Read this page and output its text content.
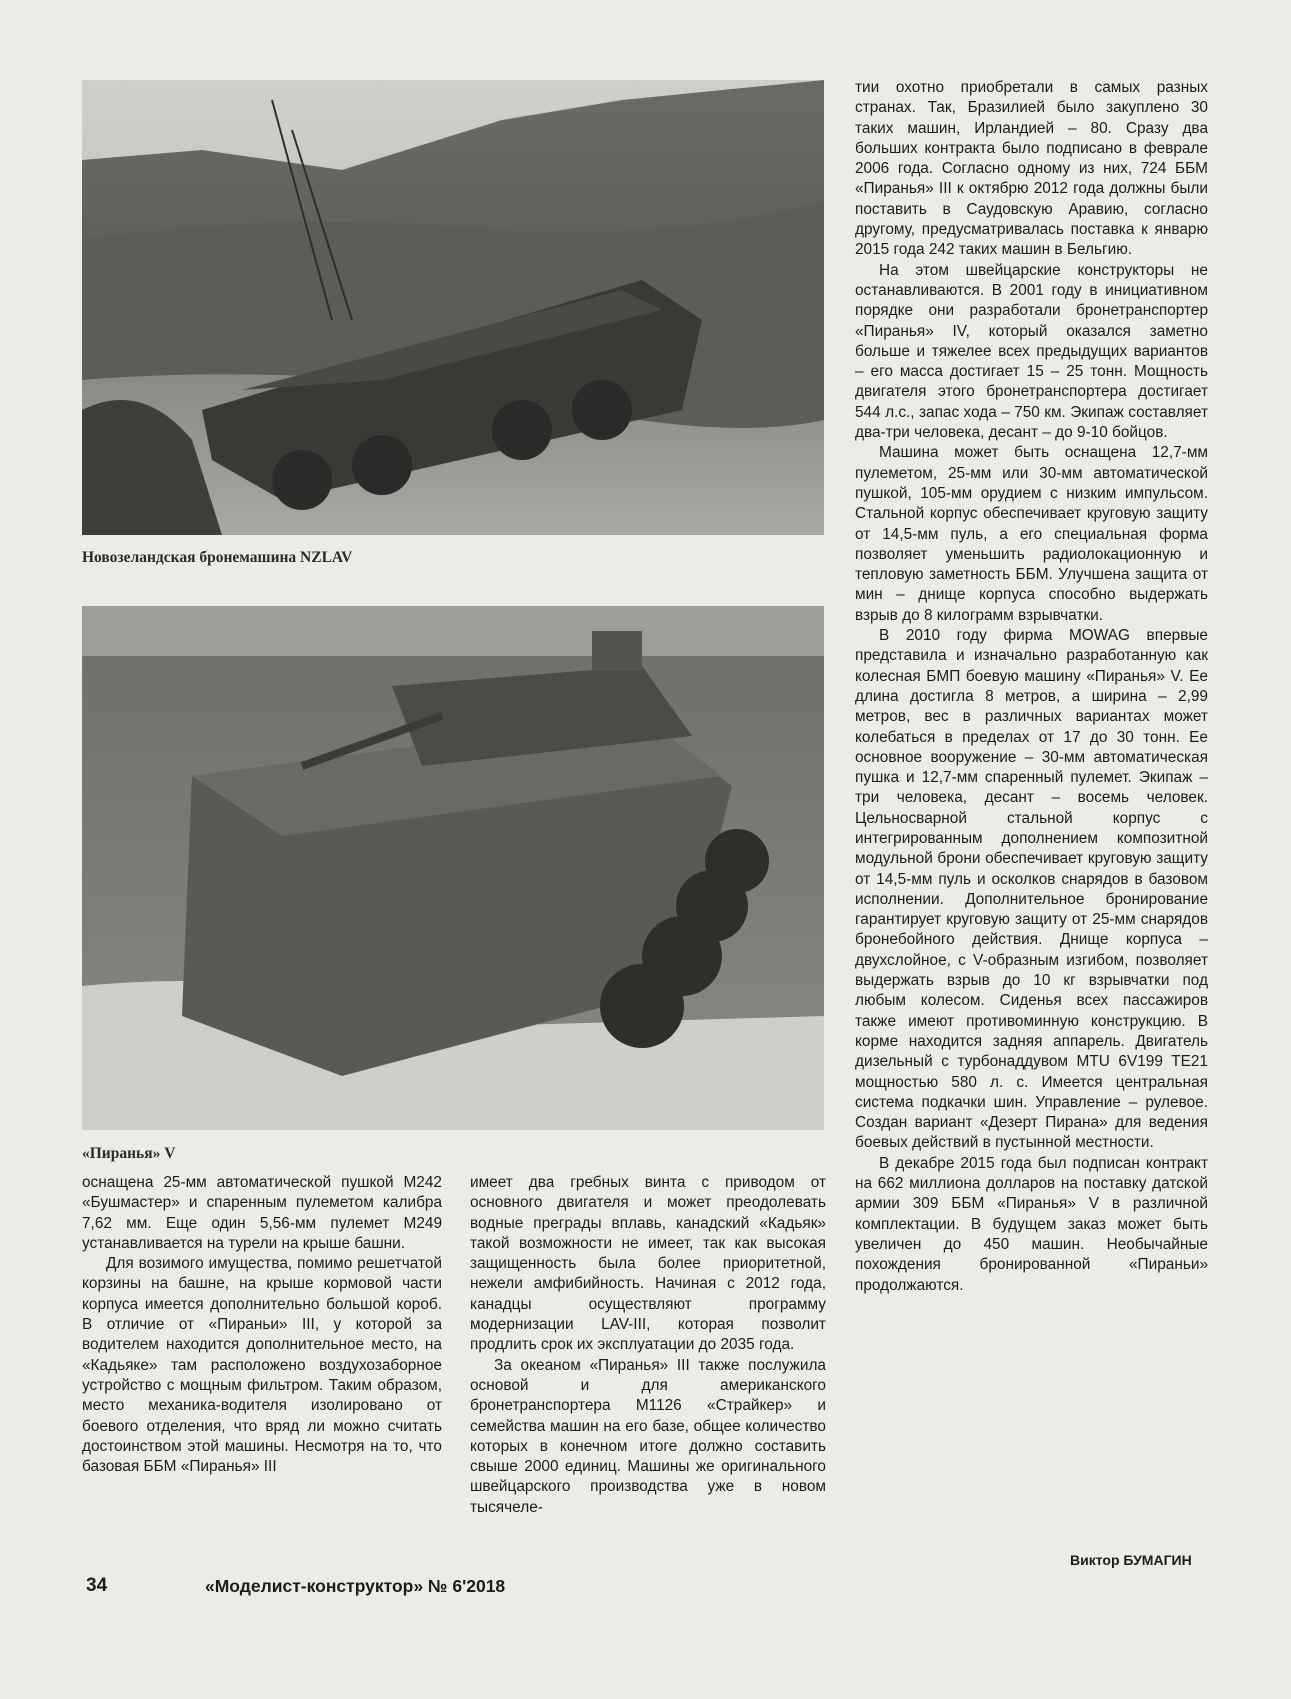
Новозеландская бронемашина NZLAV
«Пиранья» V

тии охотно приобретали в самых разных странах. Так, Бразилией было закуплено 30 таких машин, Ирландией – 80. Сразу два больших контракта было подписано в феврале 2006 года. Согласно одному из них, 724 ББМ «Пиранья» III к октябрю 2012 года должны были поставить в Саудовскую Аравию, согласно другому, предусматривалась поставка к январю 2015 года 242 таких машин в Бельгию.

На этом швейцарские конструкторы не останавливаются. В 2001 году в инициативном порядке они разработали бронетранспортер «Пиранья» IV, который оказался заметно больше и тяжелее всех предыдущих вариантов – его масса достигает 15 – 25 тонн. Мощность двигателя этого бронетранспортера достигает 544 л.с., запас хода – 750 км. Экипаж составляет два-три человека, десант – до 9-10 бойцов.

Машина может быть оснащена 12,7-мм пулеметом, 25-мм или 30-мм автоматической пушкой, 105-мм орудием с низким импульсом. Стальной корпус обеспечивает круговую защиту от 14,5-мм пуль, а его специальная форма позволяет уменьшить радиолокационную и тепловую заметность ББМ. Улучшена защита от мин – днище корпуса способно выдержать взрыв до 8 килограмм взрывчатки.

В 2010 году фирма MOWAG впервые представила и изначально разработанную как колесная БМП боевую машину «Пиранья» V. Ее длина достигла 8 метров, а ширина – 2,99 метров, вес в различных вариантах может колебаться в пределах от 17 до 30 тонн. Ее основное вооружение – 30-мм автоматическая пушка и 12,7-мм спаренный пулемет. Экипаж – три человека, десант – восемь человек. Цельносварной стальной корпус с интегрированным дополнением композитной модульной брони обеспечивает круговую защиту от 14,5-мм пуль и осколков снарядов в базовом исполнении. Дополнительное бронирование гарантирует круговую защиту от 25-мм снарядов бронебойного действия. Днище корпуса – двухслойное, с V-образным изгибом, позволяет выдержать взрыв до 10 кг взрывчатки под любым колесом. Сиденья всех пассажиров также имеют противоминную конструкцию. В корме находится задняя аппарель. Двигатель дизельный с турбонаддувом MTU 6V199 TE21 мощностью 580 л. с. Имеется центральная система подкачки шин. Управление – рулевое. Создан вариант «Дезерт Пирана» для ведения боевых действий в пустынной местности.

В декабре 2015 года был подписан контракт на 662 миллиона долларов на поставку датской армии 309 ББМ «Пиранья» V в различной комплектации. В будущем заказ может быть увеличен до 450 машин. Необычайные похождения бронированной «Пираньи» продолжаются.

оснащена 25-мм автоматической пушкой M242 «Бушмастер» и спаренным пулеметом калибра 7,62 мм. Еще один 5,56-мм пулемет M249 устанавливается на турели на крыше башни.

Для возимого имущества, помимо решетчатой корзины на башне, на крыше кормовой части корпуса имеется дополнительно большой короб. В отличие от «Пираньи» III, у которой за водителем находится дополнительное место, на «Кадьяке» там расположено воздухозаборное устройство с мощным фильтром. Таким образом, место механика-водителя изолировано от боевого отделения, что вряд ли можно считать достоинством этой машины. Несмотря на то, что базовая ББМ «Пиранья» III

имеет два гребных винта с приводом от основного двигателя и может преодолевать водные преграды вплавь, канадский «Кадьяк» такой возможности не имеет, так как высокая защищенность была более приоритетной, нежели амфибийность. Начиная с 2012 года, канадцы осуществляют программу модернизации LAV-III, которая позволит продлить срок их эксплуатации до 2035 года.

За океаном «Пиранья» III также послужила основой и для американского бронетранспортера M1126 «Страйкер» и семейства машин на его базе, общее количество которых в конечном итоге должно составить свыше 2000 единиц. Машины же оригинального швейцарского производства уже в новом тысячеле-

Виктор БУМАГИН
34	«Моделист-конструктор» № 6'2018
